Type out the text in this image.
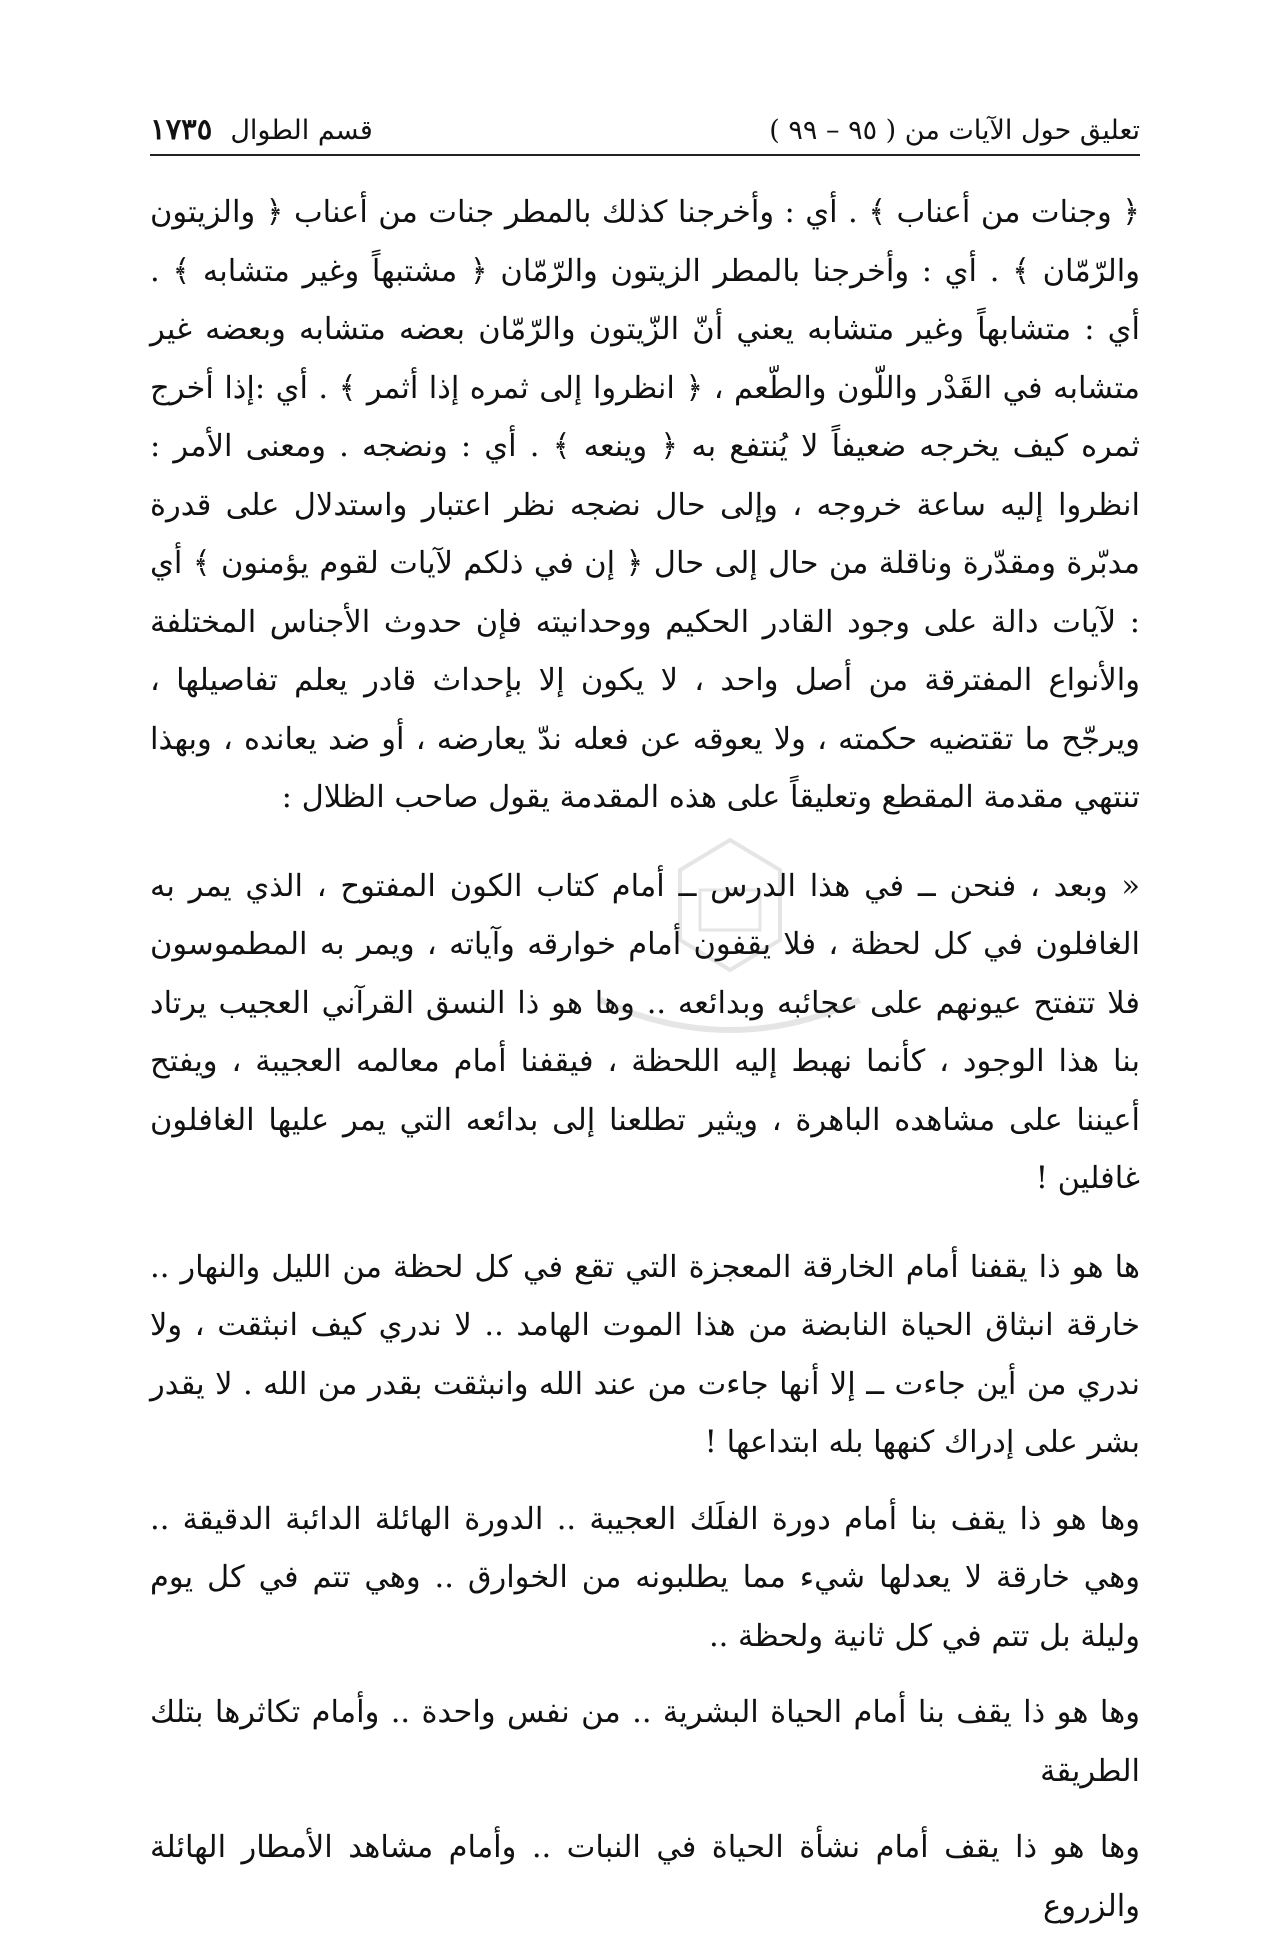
تعليق حول الآيات من ( ٩٥ – ٩٩ )
قسم الطوال
١٧٣٥

﴿ وجنات من أعناب ﴾ . أي : وأخرجنا كذلك بالمطر جنات من أعناب ﴿ والزيتون والرّمّان ﴾ . أي : وأخرجنا بالمطر الزيتون والرّمّان ﴿ مشتبهاً وغير متشابه ﴾ . أي : متشابهاً وغير متشابه يعني أنّ الزّيتون والرّمّان بعضه متشابه وبعضه غير متشابه في القَدْر واللّون والطّعم ، ﴿ انظروا إلى ثمره إذا أثمر ﴾ . أي :إذا أخرج ثمره كيف يخرجه ضعيفاً لا يُنتفع به ﴿ وينعه ﴾ . أي : ونضجه . ومعنى الأمر : انظروا إليه ساعة خروجه ، وإلى حال نضجه نظر اعتبار واستدلال على قدرة مدبّرة ومقدّرة وناقلة من حال إلى حال ﴿ إن في ذلكم لآيات لقوم يؤمنون ﴾ أي : لآيات دالة على وجود القادر الحكيم ووحدانيته فإن حدوث الأجناس المختلفة والأنواع المفترقة من أصل واحد ، لا يكون إلا بإحداث قادر يعلم تفاصيلها ، ويرجّح ما تقتضيه حكمته ، ولا يعوقه عن فعله ندّ يعارضه ، أو ضد يعانده ، وبهذا تنتهي مقدمة المقطع وتعليقاً على هذه المقدمة يقول صاحب الظلال :

« وبعد ، فنحن ــ في هذا الدرس ــ أمام كتاب الكون المفتوح ، الذي يمر به الغافلون في كل لحظة ، فلا يقفون أمام خوارقه وآياته ، ويمر به المطموسون فلا تتفتح عيونهم على عجائبه وبدائعه .. وها هو ذا النسق القرآني العجيب يرتاد بنا هذا الوجود ، كأنما نهبط إليه اللحظة ، فيقفنا أمام معالمه العجيبة ، ويفتح أعيننا على مشاهده الباهرة ، ويثير تطلعنا إلى بدائعه التي يمر عليها الغافلون غافلين !

ها هو ذا يقفنا أمام الخارقة المعجزة التي تقع في كل لحظة من الليل والنهار .. خارقة انبثاق الحياة النابضة من هذا الموت الهامد .. لا ندري كيف انبثقت ، ولا ندري من أين جاءت ــ إلا أنها جاءت من عند الله وانبثقت بقدر من الله . لا يقدر بشر على إدراك كنهها بله ابتداعها !

وها هو ذا يقف بنا أمام دورة الفلَك العجيبة .. الدورة الهائلة الدائبة الدقيقة .. وهي خارقة لا يعدلها شيء مما يطلبونه من الخوارق .. وهي تتم في كل يوم وليلة بل تتم في كل ثانية ولحظة ..

وها هو ذا يقف بنا أمام الحياة البشرية .. من نفس واحدة .. وأمام تكاثرها بتلك الطريقة

وها هو ذا يقف أمام نشأة الحياة في النبات .. وأمام مشاهد الأمطار الهائلة والزروع
